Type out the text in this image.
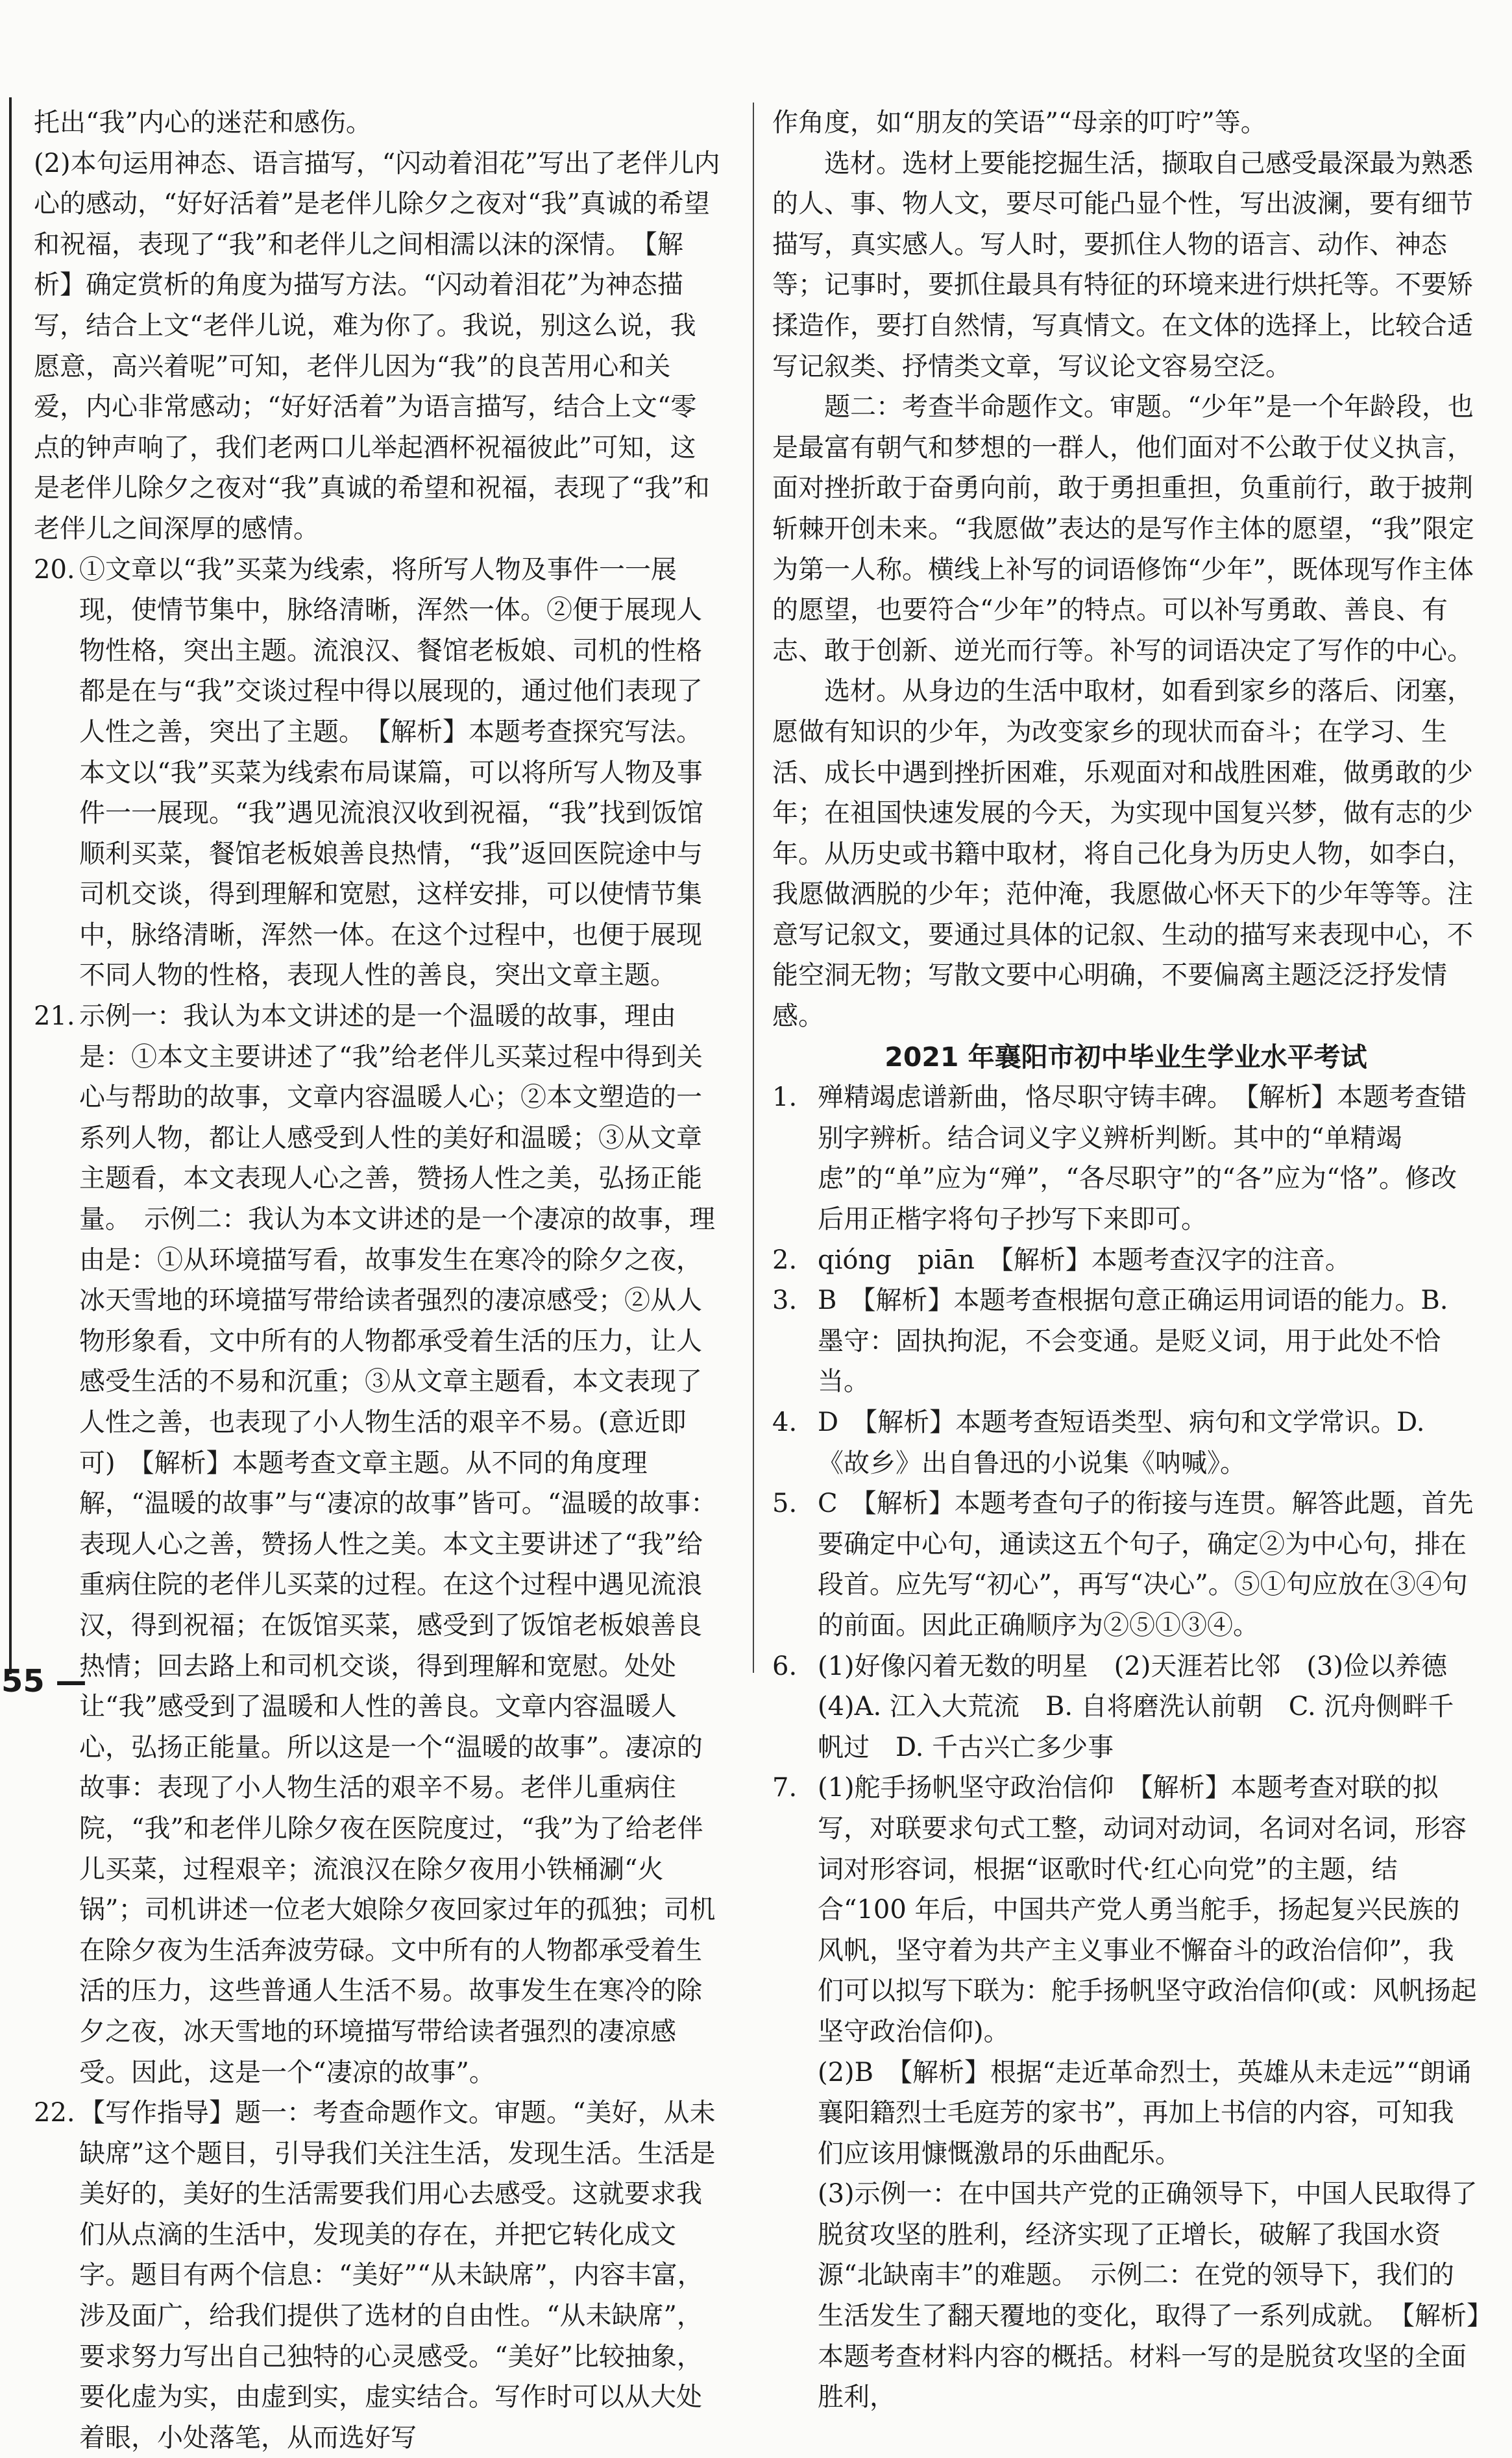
托出“我”内心的迷茫和感伤。

(2)本句运用神态、语言描写，“闪动着泪花”写出了老伴儿内心的感动，“好好活着”是老伴儿除夕之夜对“我”真诚的希望和祝福，表现了“我”和老伴儿之间相濡以沫的深情。　【解析】确定赏析的角度为描写方法。“闪动着泪花”为神态描写，结合上文“老伴儿说，难为你了。我说，别这么说，我愿意，高兴着呢”可知，老伴儿因为“我”的良苦用心和关爱，内心非常感动；“好好活着”为语言描写，结合上文“零点的钟声响了，我们老两口儿举起酒杯祝福彼此”可知，这是老伴儿除夕之夜对“我”真诚的希望和祝福，表现了“我”和老伴儿之间深厚的感情。

20. ①文章以“我”买菜为线索，将所写人物及事件一一展现，使情节集中，脉络清晰，浑然一体。②便于展现人物性格，突出主题。流浪汉、餐馆老板娘、司机的性格都是在与“我”交谈过程中得以展现的，通过他们表现了人性之善，突出了主题。　【解析】本题考查探究写法。本文以“我”买菜为线索布局谋篇，可以将所写人物及事件一一展现。“我”遇见流浪汉收到祝福，“我”找到饭馆顺利买菜，餐馆老板娘善良热情，“我”返回医院途中与司机交谈，得到理解和宽慰，这样安排，可以使情节集中，脉络清晰，浑然一体。在这个过程中，也便于展现不同人物的性格，表现人性的善良，突出文章主题。

21. 示例一：我认为本文讲述的是一个温暖的故事，理由是：①本文主要讲述了“我”给老伴儿买菜过程中得到关心与帮助的故事，文章内容温暖人心；②本文塑造的一系列人物，都让人感受到人性的美好和温暖；③从文章主题看，本文表现人心之善，赞扬人性之美，弘扬正能量。　示例二：我认为本文讲述的是一个凄凉的故事，理由是：①从环境描写看，故事发生在寒冷的除夕之夜，冰天雪地的环境描写带给读者强烈的凄凉感受；②从人物形象看，文中所有的人物都承受着生活的压力，让人感受生活的不易和沉重；③从文章主题看，本文表现了人性之善，也表现了小人物生活的艰辛不易。(意近即可)　【解析】本题考查文章主题。从不同的角度理解，“温暖的故事”与“凄凉的故事”皆可。“温暖的故事：表现人心之善，赞扬人性之美。本文主要讲述了“我”给重病住院的老伴儿买菜的过程。在这个过程中遇见流浪汉，得到祝福；在饭馆买菜，感受到了饭馆老板娘善良热情；回去路上和司机交谈，得到理解和宽慰。处处让“我”感受到了温暖和人性的善良。文章内容温暖人心，弘扬正能量。所以这是一个“温暖的故事”。凄凉的故事：表现了小人物生活的艰辛不易。老伴儿重病住院，“我”和老伴儿除夕夜在医院度过，“我”为了给老伴儿买菜，过程艰辛；流浪汉在除夕夜用小铁桶涮“火锅”；司机讲述一位老大娘除夕夜回家过年的孤独；司机在除夕夜为生活奔波劳碌。文中所有的人物都承受着生活的压力，这些普通人生活不易。故事发生在寒冷的除夕之夜，冰天雪地的环境描写带给读者强烈的凄凉感受。因此，这是一个“凄凉的故事”。

22. 【写作指导】题一：考查命题作文。审题。“美好，从未缺席”这个题目，引导我们关注生活，发现生活。生活是美好的，美好的生活需要我们用心去感受。这就要求我们从点滴的生活中，发现美的存在，并把它转化成文字。题目有两个信息：“美好”“从未缺席”，内容丰富，涉及面广，给我们提供了选材的自由性。“从未缺席”，要求努力写出自己独特的心灵感受。“美好”比较抽象，要化虚为实，由虚到实，虚实结合。写作时可以从大处着眼，小处落笔，从而选好写

作角度，如“朋友的笑语”“母亲的叮咛”等。

　　选材。选材上要能挖掘生活，撷取自己感受最深最为熟悉的人、事、物人文，要尽可能凸显个性，写出波澜，要有细节描写，真实感人。写人时，要抓住人物的语言、动作、神态等；记事时，要抓住最具有特征的环境来进行烘托等。不要矫揉造作，要打自然情，写真情文。在文体的选择上，比较合适写记叙类、抒情类文章，写议论文容易空泛。

　　题二：考查半命题作文。审题。“少年”是一个年龄段，也是最富有朝气和梦想的一群人，他们面对不公敢于仗义执言，面对挫折敢于奋勇向前，敢于勇担重担，负重前行，敢于披荆斩棘开创未来。“我愿做”表达的是写作主体的愿望，“我”限定为第一人称。横线上补写的词语修饰“少年”，既体现写作主体的愿望，也要符合“少年”的特点。可以补写勇敢、善良、有志、敢于创新、逆光而行等。补写的词语决定了写作的中心。

　　选材。从身边的生活中取材，如看到家乡的落后、闭塞，愿做有知识的少年，为改变家乡的现状而奋斗；在学习、生活、成长中遇到挫折困难，乐观面对和战胜困难，做勇敢的少年；在祖国快速发展的今天，为实现中国复兴梦，做有志的少年。从历史或书籍中取材，将自己化身为历史人物，如李白，我愿做洒脱的少年；范仲淹，我愿做心怀天下的少年等等。注意写记叙文，要通过具体的记叙、生动的描写来表现中心，不能空洞无物；写散文要中心明确，不要偏离主题泛泛抒发情感。

2021 年襄阳市初中毕业生学业水平考试

1. 殚精竭虑谱新曲，恪尽职守铸丰碑。　【解析】本题考查错别字辨析。结合词义字义辨析判断。其中的“单精竭虑”的“单”应为“殚”，“各尽职守”的“各”应为“恪”。修改后用正楷字将句子抄写下来即可。

2. qióng　piān　【解析】本题考查汉字的注音。

3. B　【解析】本题考查根据句意正确运用词语的能力。B. 墨守：固执拘泥，不会变通。是贬义词，用于此处不恰当。

4. D　【解析】本题考查短语类型、病句和文学常识。D. 《故乡》出自鲁迅的小说集《呐喊》。

5. C　【解析】本题考查句子的衔接与连贯。解答此题，首先要确定中心句，通读这五个句子，确定②为中心句，排在段首。应先写“初心”，再写“决心”。⑤①句应放在③④句的前面。因此正确顺序为②⑤①③④。

6. (1)好像闪着无数的明星　(2)天涯若比邻　(3)俭以养德　(4)A. 江入大荒流　B. 自将磨洗认前朝　C. 沉舟侧畔千帆过　D. 千古兴亡多少事

7. (1)舵手扬帆坚守政治信仰　【解析】本题考查对联的拟写，对联要求句式工整，动词对动词，名词对名词，形容词对形容词，根据“讴歌时代·红心向党”的主题，结合“100 年后，中国共产党人勇当舵手，扬起复兴民族的风帆，坚守着为共产主义事业不懈奋斗的政治信仰”，我们可以拟写下联为：舵手扬帆坚守政治信仰(或：风帆扬起坚守政治信仰)。

(2)B　【解析】根据“走近革命烈士，英雄从未走远”“朗诵襄阳籍烈士毛庭芳的家书”，再加上书信的内容，可知我们应该用慷慨激昂的乐曲配乐。

(3)示例一：在中国共产党的正确领导下，中国人民取得了脱贫攻坚的胜利，经济实现了正增长，破解了我国水资源“北缺南丰”的难题。　示例二：在党的领导下，我们的生活发生了翻天覆地的变化，取得了一系列成就。　【解析】本题考查材料内容的概括。材料一写的是脱贫攻坚的全面胜利，

55 —
